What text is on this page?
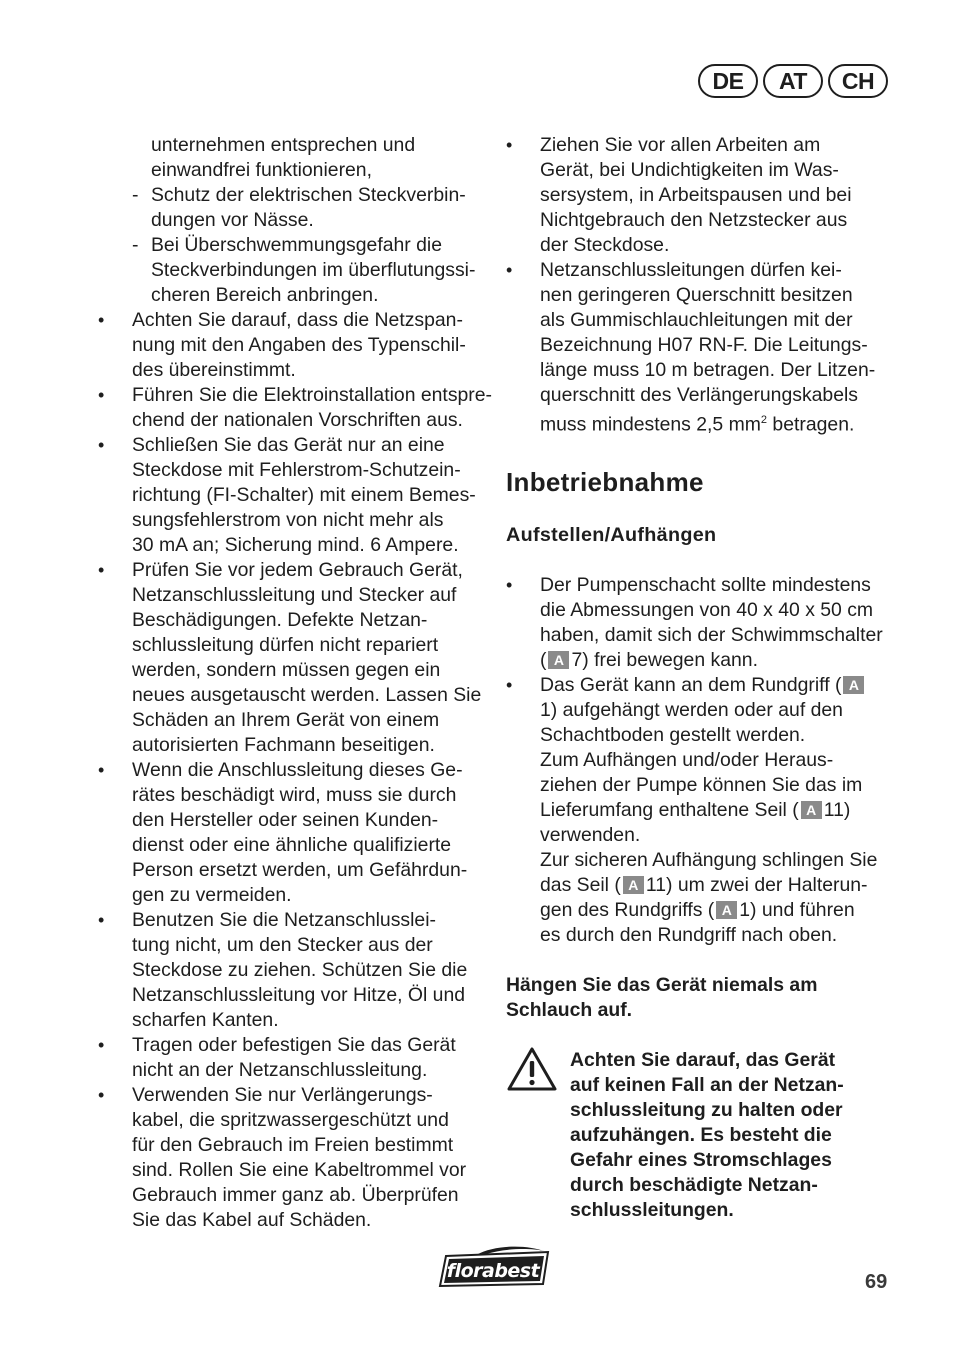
DE	AT	CH
unternehmen entsprechen und
einwandfrei funktionieren,
- Schutz der elektrischen Steckverbin-
dungen vor Nässe.
- Bei Überschwemmungsgefahr die
Steckverbindungen im überflutungssi-
cheren Bereich anbringen.
•	Achten Sie darauf, dass die Netzspan-
nung mit den Angaben des Typenschil-
des übereinstimmt.
•	Führen Sie die Elektroinstallation entspre-
chend der nationalen Vorschriften aus.
•	Schließen Sie das Gerät nur an eine
Steckdose mit Fehlerstrom-Schutzein-
richtung (FI-Schalter) mit einem Bemes-
sungsfehlerstrom von nicht mehr als
30 mA an; Sicherung mind. 6 Ampere.
•	Prüfen Sie vor jedem Gebrauch Gerät,
Netzanschlussleitung und Stecker auf
Beschädigungen. Defekte Netzan-
schlussleitung dürfen nicht repariert
werden, sondern müssen gegen ein
neues ausgetauscht werden. Lassen Sie
Schäden an Ihrem Gerät von einem
autorisierten Fachmann beseitigen.
•	Wenn die Anschlussleitung dieses Ge-
rätes beschädigt wird, muss sie durch
den Hersteller oder seinen Kunden-
dienst oder eine ähnliche qualifizierte
Person ersetzt werden, um Gefährdun-
gen zu vermeiden.
•	Benutzen Sie die Netzanschlusslei-
tung nicht, um den Stecker aus der
Steckdose zu ziehen. Schützen Sie die
Netzanschlussleitung vor Hitze, Öl und
scharfen Kanten.
•	Tragen oder befestigen Sie das Gerät
nicht an der Netzanschlussleitung.
•	Verwenden Sie nur Verlängerungs-
kabel, die spritzwassergeschützt und
für den Gebrauch im Freien bestimmt
sind. Rollen Sie eine Kabeltrommel vor
Gebrauch immer ganz ab. Überprüfen
Sie das Kabel auf Schäden.
•	Ziehen Sie vor allen Arbeiten am
Gerät, bei Undichtigkeiten im Was-
sersystem, in Arbeitspausen und bei
Nichtgebrauch den Netzstecker aus
der Steckdose.
•	Netzanschlussleitungen dürfen kei-
nen geringeren Querschnitt besitzen
als Gummischlauchleitungen mit der
Bezeichnung H07 RN-F. Die Leitungs-
länge muss 10 m betragen. Der Litzen-
querschnitt des Verlängerungskabels
muss mindestens 2,5 $mm^2$ betragen.
Inbetriebnahme
Aufstellen/Aufhängen
•	Der Pumpenschacht sollte mindestens
die Abmessungen von 40 x 40 x 50 cm
haben, damit sich der Schwimmschalter
( A 7) frei bewegen kann.
•	Das Gerät kann an dem Rundgriff ( A
1) aufgehängt werden oder auf den
Schachtboden gestellt werden.
Zum Aufhängen und/oder Heraus-
ziehen der Pumpe können Sie das im
Lieferumfang enthaltene Seil ( A 11)
verwenden.
Zur sicheren Aufhängung schlingen Sie
das Seil ( A 11) um zwei der Halterun-
gen des Rundgriffs ( A 1) und führen
es durch den Rundgriff nach oben.
Hängen Sie das Gerät niemals am
Schlauch auf.
Achten Sie darauf, das Gerät
auf keinen Fall an der Netzan-
schlussleitung zu halten oder
aufzuhängen. Es besteht die
Gefahr eines Stromschlages
durch beschädigte Netzan-
schlussleitungen.
florabest	69
